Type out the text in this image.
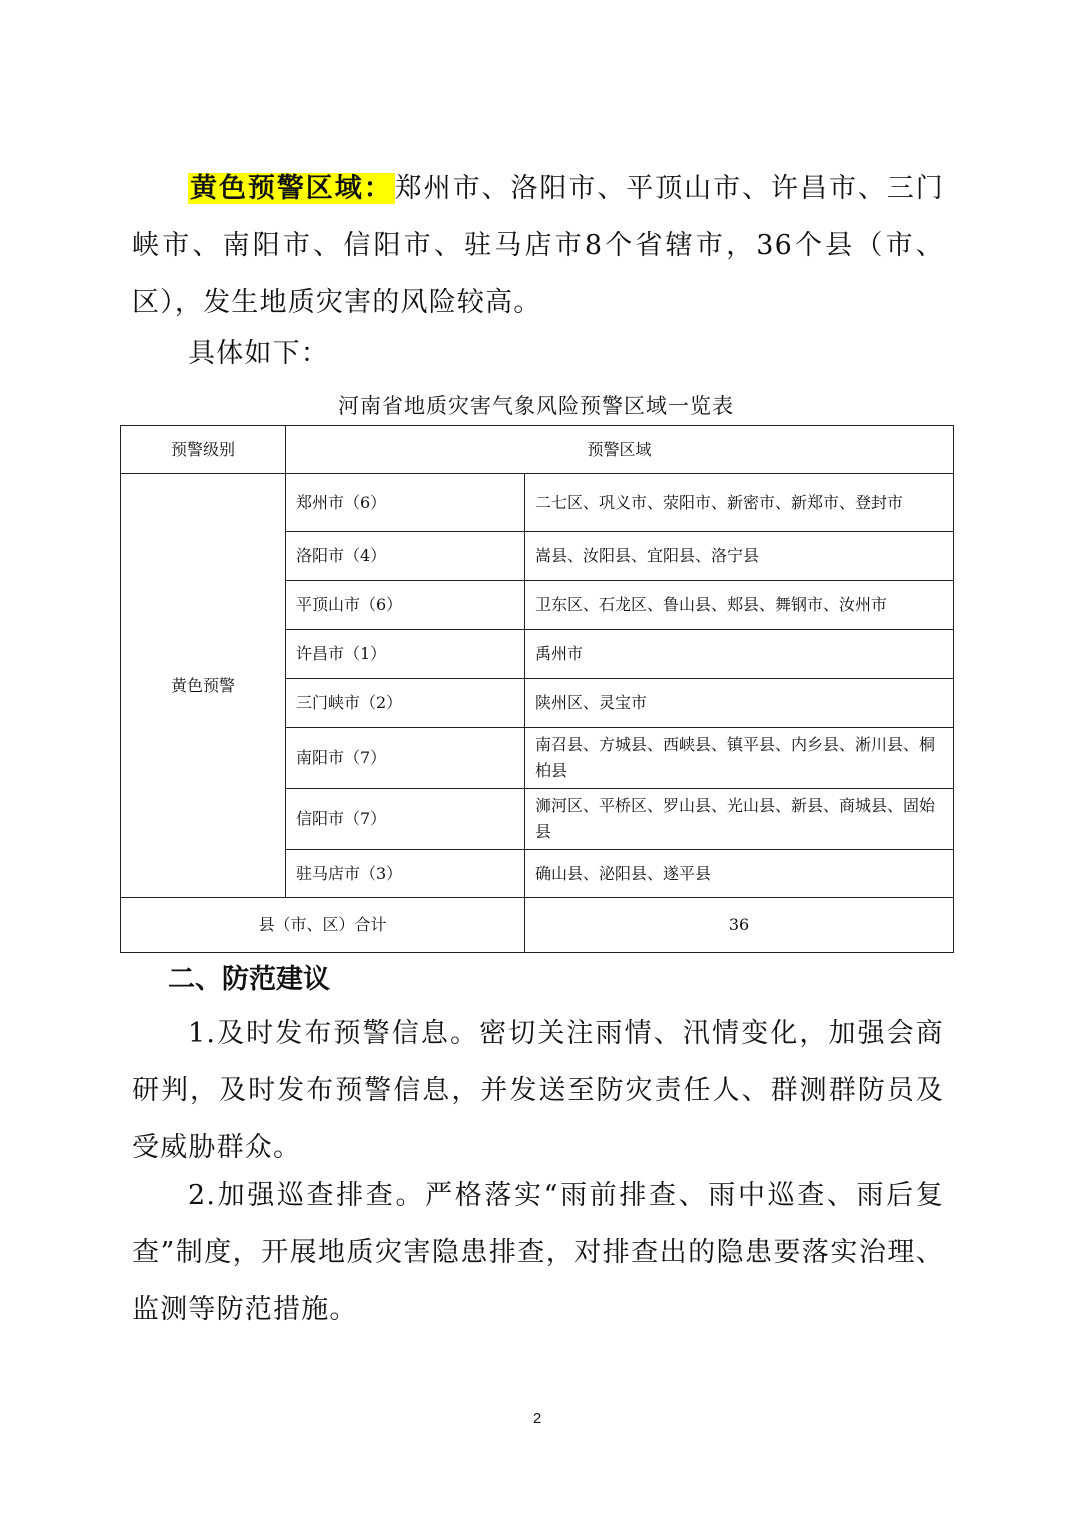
黄色预警区域：郑州市、洛阳市、平顶山市、许昌市、三门峡市、南阳市、信阳市、驻马店市8个省辖市，36个县（市、区），发生地质灾害的风险较高。

具体如下：

河南省地质灾害气象风险预警区域一览表
预警级别	预警区域	
黄色预警	郑州市（6）	二七区、巩义市、荥阳市、新密市、新郑市、登封市
	洛阳市（4）	嵩县、汝阳县、宜阳县、洛宁县
	平顶山市（6）	卫东区、石龙区、鲁山县、郏县、舞钢市、汝州市
	许昌市（1）	禹州市
	三门峡市（2）	陕州区、灵宝市
	南阳市（7）	南召县、方城县、西峡县、镇平县、内乡县、淅川县、桐柏县
	信阳市（7）	浉河区、平桥区、罗山县、光山县、新县、商城县、固始县
	驻马店市（3）	确山县、泌阳县、遂平县
县（市、区）合计		36
二、防范建议

1.及时发布预警信息。密切关注雨情、汛情变化，加强会商研判，及时发布预警信息，并发送至防灾责任人、群测群防员及受威胁群众。

2.加强巡查排查。严格落实“雨前排查、雨中巡查、雨后复查”制度，开展地质灾害隐患排查，对排查出的隐患要落实治理、监测等防范措施。

2
